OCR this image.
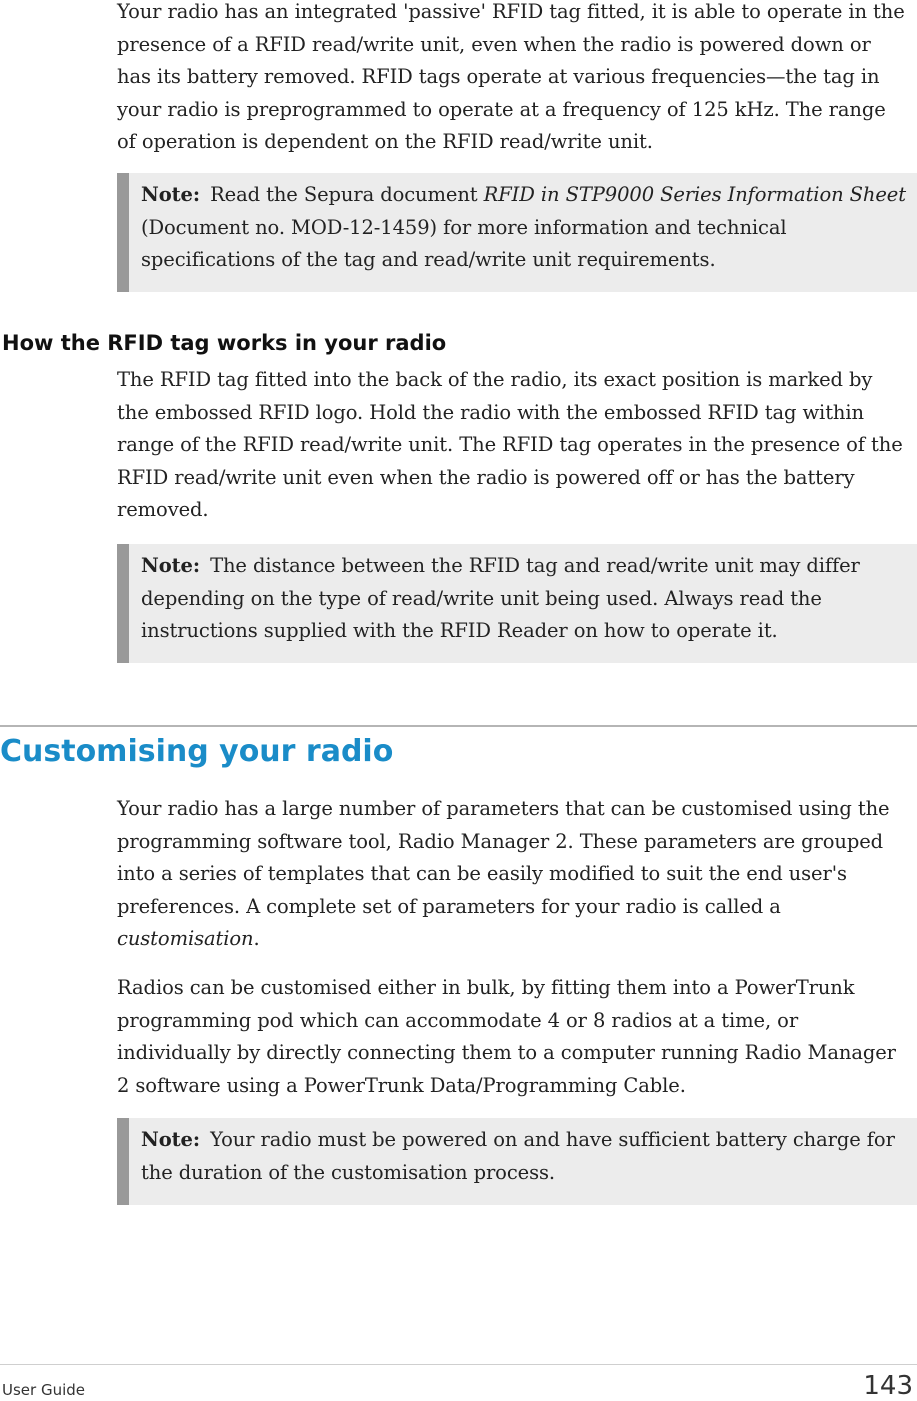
Your radio has an integrated 'passive' RFID tag fitted, it is able to operate in the presence of a RFID read/write unit, even when the radio is powered down or has its battery removed. RFID tags operate at various frequencies—the tag in your radio is preprogrammed to operate at a frequency of 125 kHz. The range of operation is dependent on the RFID read/write unit.
Note: Read the Sepura document RFID in STP9000 Series Information Sheet (Document no. MOD-12-1459) for more information and technical specifications of the tag and read/write unit requirements.
How the RFID tag works in your radio
The RFID tag fitted into the back of the radio, its exact position is marked by the embossed RFID logo. Hold the radio with the embossed RFID tag within range of the RFID read/write unit. The RFID tag operates in the presence of the RFID read/write unit even when the radio is powered off or has the battery removed.
Note: The distance between the RFID tag and read/write unit may differ depending on the type of read/write unit being used. Always read the instructions supplied with the RFID Reader on how to operate it.
Customising your radio
Your radio has a large number of parameters that can be customised using the programming software tool, Radio Manager 2. These parameters are grouped into a series of templates that can be easily modified to suit the end user's preferences. A complete set of parameters for your radio is called a customisation.
Radios can be customised either in bulk, by fitting them into a PowerTrunk programming pod which can accommodate 4 or 8 radios at a time, or individually by directly connecting them to a computer running Radio Manager 2 software using a PowerTrunk Data/Programming Cable.
Note: Your radio must be powered on and have sufficient battery charge for the duration of the customisation process.
User Guide	143
